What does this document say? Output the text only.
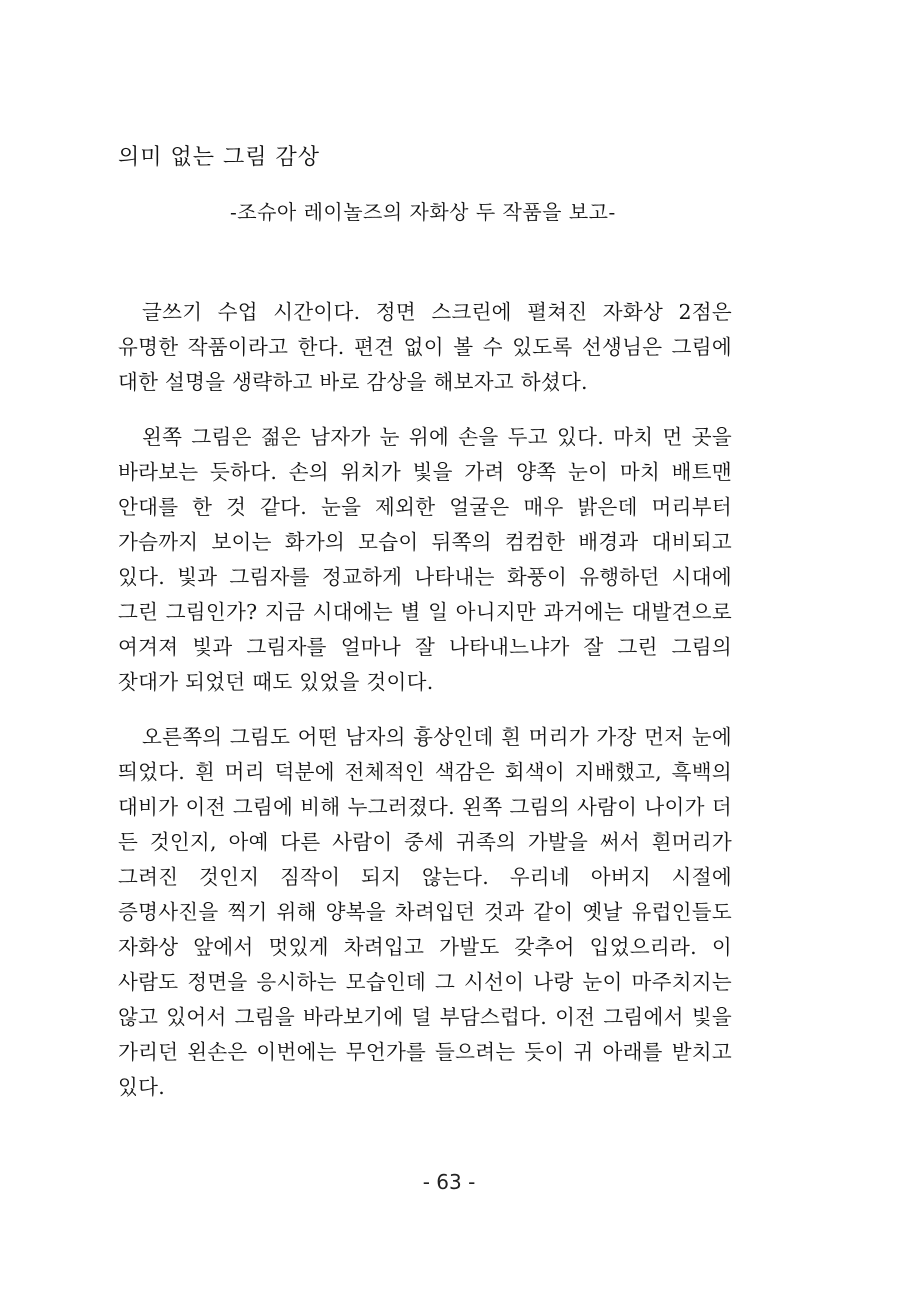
의미 없는 그림 감상

-조슈아 레이놀즈의 자화상 두 작품을 보고-

글쓰기 수업 시간이다. 정면 스크린에 펼쳐진 자화상 2점은 유명한 작품이라고 한다. 편견 없이 볼 수 있도록 선생님은 그림에 대한 설명을 생략하고 바로 감상을 해보자고 하셨다.

왼쪽 그림은 젊은 남자가 눈 위에 손을 두고 있다. 마치 먼 곳을 바라보는 듯하다. 손의 위치가 빛을 가려 양쪽 눈이 마치 배트맨 안대를 한 것 같다. 눈을 제외한 얼굴은 매우 밝은데 머리부터 가슴까지 보이는 화가의 모습이 뒤쪽의 컴컴한 배경과 대비되고 있다. 빛과 그림자를 정교하게 나타내는 화풍이 유행하던 시대에 그린 그림인가? 지금 시대에는 별 일 아니지만 과거에는 대발견으로 여겨져 빛과 그림자를 얼마나 잘 나타내느냐가 잘 그린 그림의 잣대가 되었던 때도 있었을 것이다.

오른쪽의 그림도 어떤 남자의 흉상인데 흰 머리가 가장 먼저 눈에 띄었다. 흰 머리 덕분에 전체적인 색감은 회색이 지배했고, 흑백의 대비가 이전 그림에 비해 누그러졌다. 왼쪽 그림의 사람이 나이가 더 든 것인지, 아예 다른 사람이 중세 귀족의 가발을 써서 흰머리가 그려진 것인지 짐작이 되지 않는다. 우리네 아버지 시절에 증명사진을 찍기 위해 양복을 차려입던 것과 같이 옛날 유럽인들도 자화상 앞에서 멋있게 차려입고 가발도 갖추어 입었으리라. 이 사람도 정면을 응시하는 모습인데 그 시선이 나랑 눈이 마주치지는 않고 있어서 그림을 바라보기에 덜 부담스럽다. 이전 그림에서 빛을 가리던 왼손은 이번에는 무언가를 들으려는 듯이 귀 아래를 받치고 있다.

- 63 -
